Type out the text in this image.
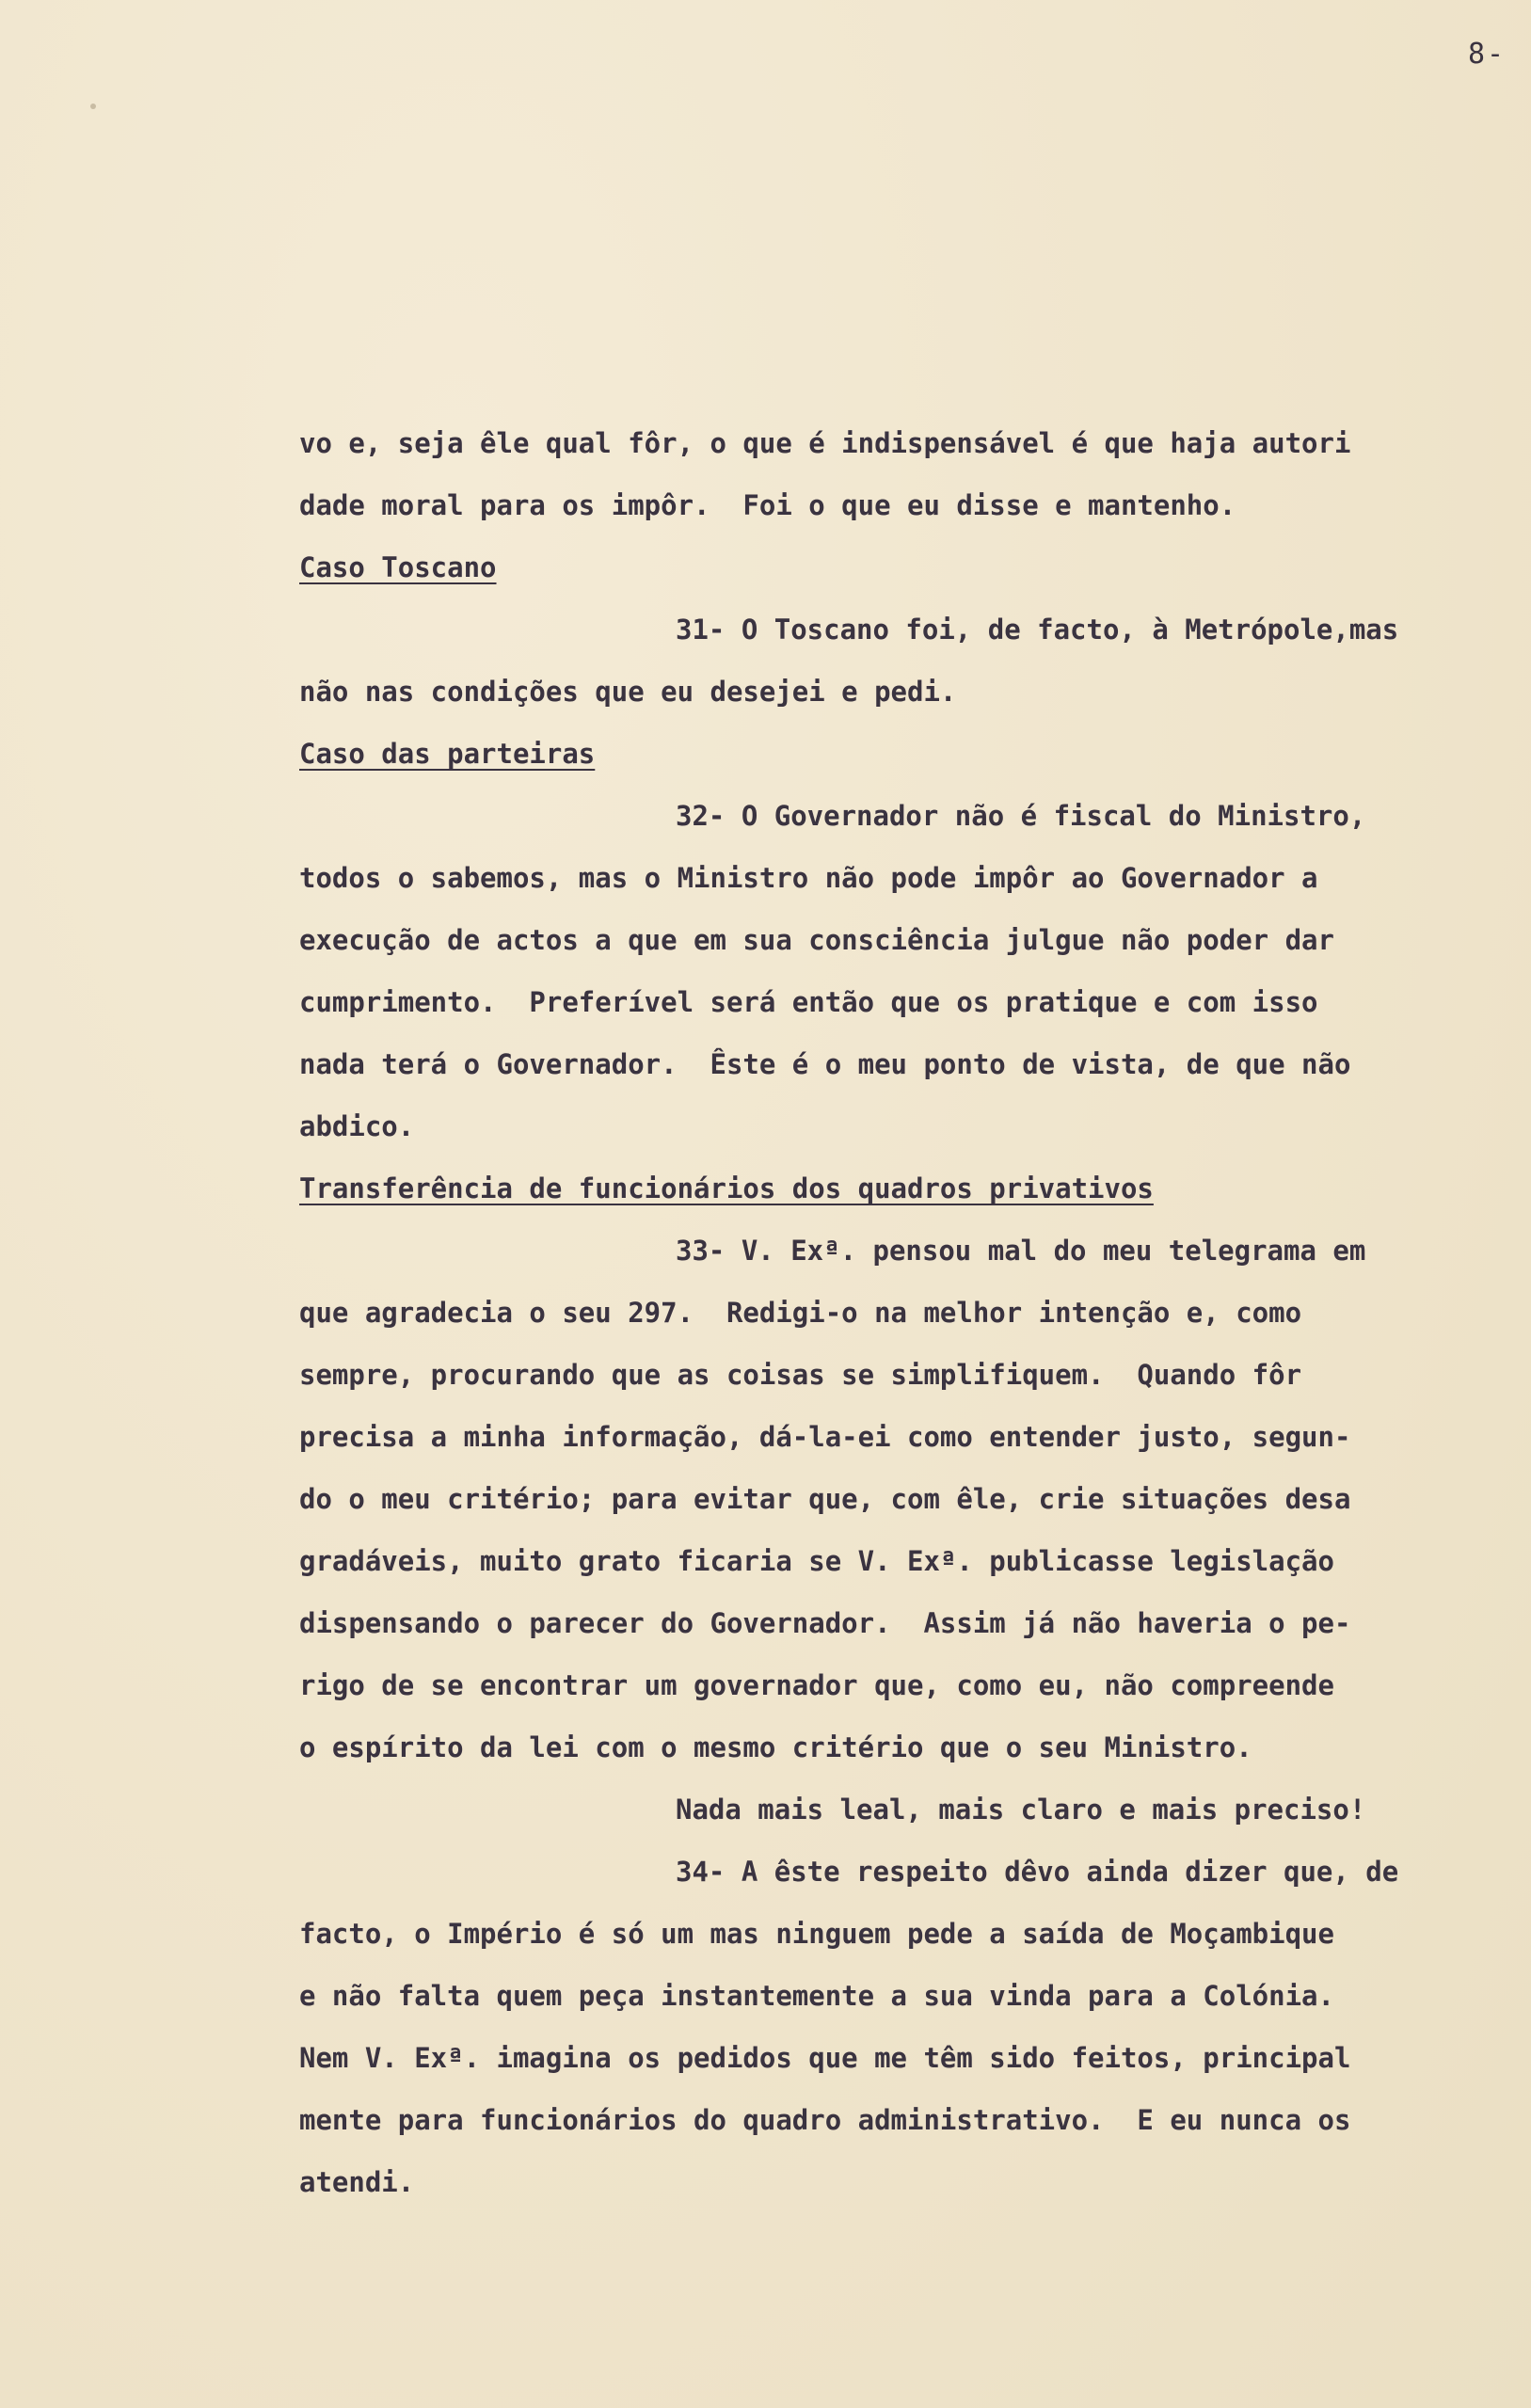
8-
vo e, seja êle qual fôr, o que é indispensável é que haja autori
dade moral para os impôr.  Foi o que eu disse e mantenho.
Caso Toscano
31- O Toscano foi, de facto, à Metrópole,mas
não nas condições que eu desejei e pedi.
Caso das parteiras
32- O Governador não é fiscal do Ministro,
todos o sabemos, mas o Ministro não pode impôr ao Governador a
execução de actos a que em sua consciência julgue não poder dar
cumprimento.  Preferível será então que os pratique e com isso
nada terá o Governador.  Êste é o meu ponto de vista, de que não
abdico.
Transferência de funcionários dos quadros privativos
33- V. Exª. pensou mal do meu telegrama em
que agradecia o seu 297.  Redigi-o na melhor intenção e, como
sempre, procurando que as coisas se simplifiquem.  Quando fôr
precisa a minha informação, dá-la-ei como entender justo, segun-
do o meu critério; para evitar que, com êle, crie situações desa
gradáveis, muito grato ficaria se V. Exª. publicasse legislação
dispensando o parecer do Governador.  Assim já não haveria o pe-
rigo de se encontrar um governador que, como eu, não compreende
o espírito da lei com o mesmo critério que o seu Ministro.
Nada mais leal, mais claro e mais preciso!
34- A êste respeito dêvo ainda dizer que, de
facto, o Império é só um mas ninguem pede a saída de Moçambique
e não falta quem peça instantemente a sua vinda para a Colónia.
Nem V. Exª. imagina os pedidos que me têm sido feitos, principal
mente para funcionários do quadro administrativo.  E eu nunca os
atendi.
